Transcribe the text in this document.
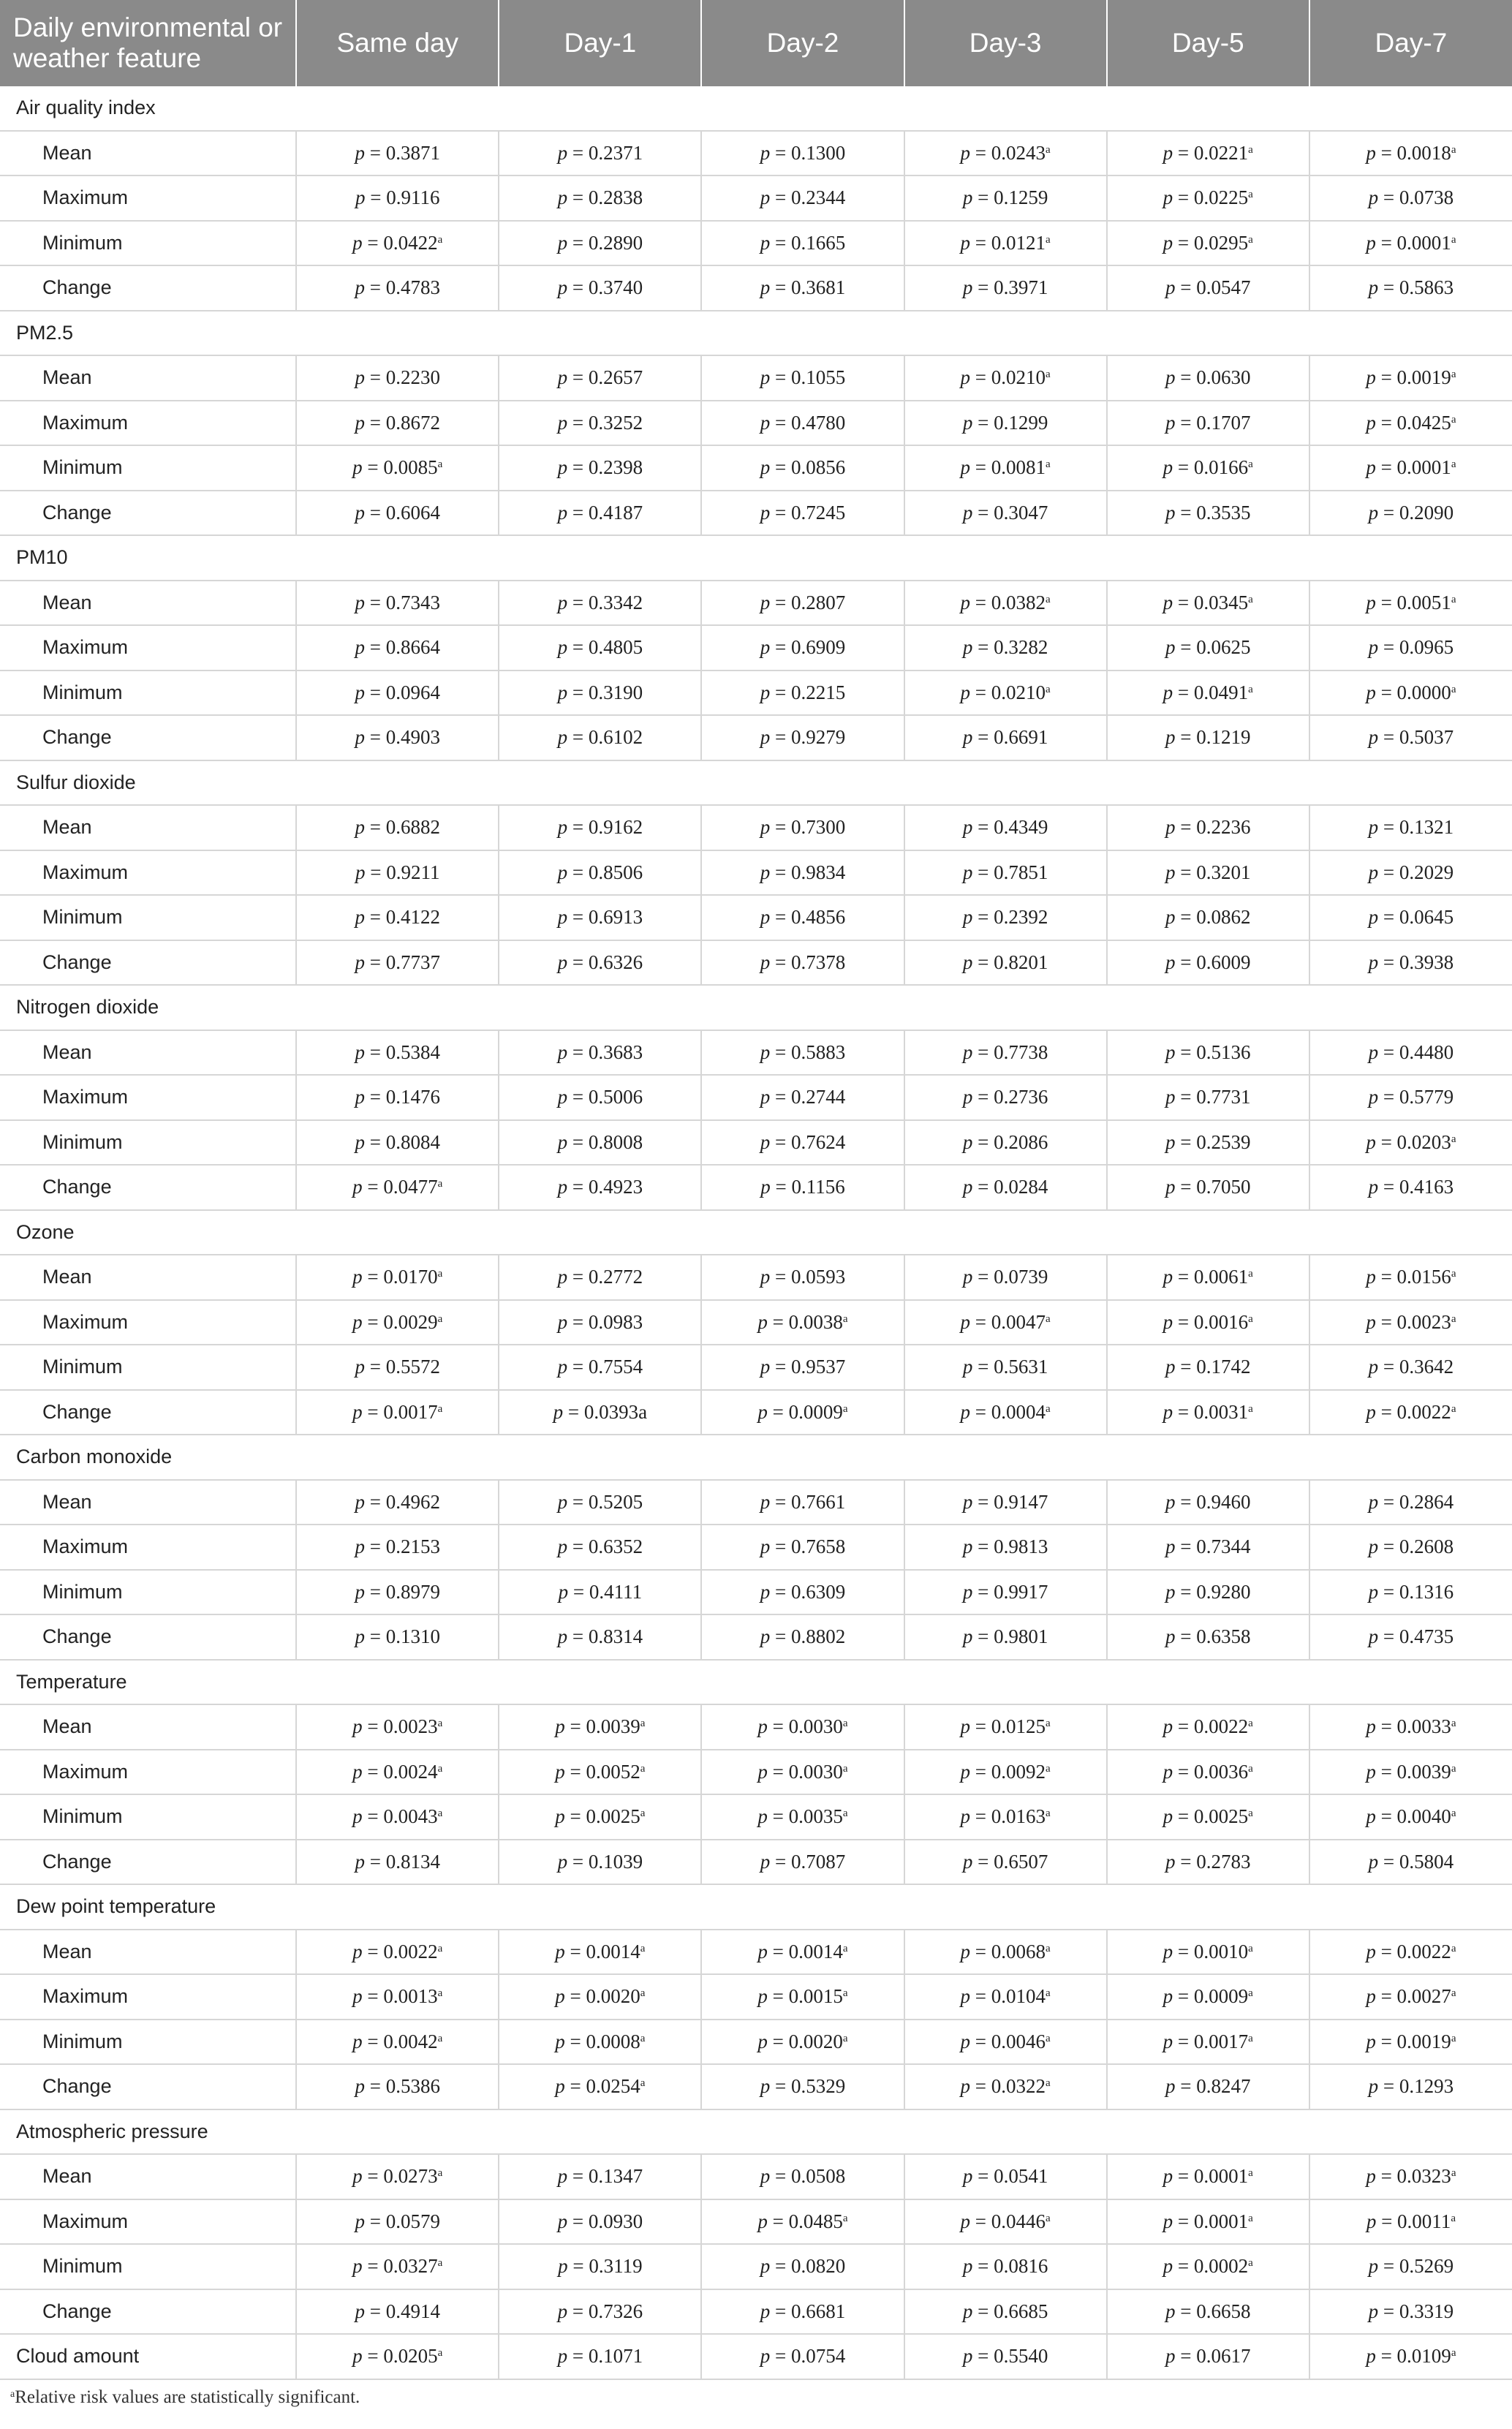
Daily environmental or weather feature	Same day	Day-1	Day-2	Day-3	Day-5	Day-7
Air quality index						
Mean	p = 0.3871	p = 0.2371	p = 0.1300	p = 0.0243$^a$	p = 0.0221$^a$	p = 0.0018$^a$
Maximum	p = 0.9116	p = 0.2838	p = 0.2344	p = 0.1259	p = 0.0225$^a$	p = 0.0738
Minimum	p = 0.0422$^a$	p = 0.2890	p = 0.1665	p = 0.0121$^a$	p = 0.0295$^a$	p = 0.0001$^a$
Change	p = 0.4783	p = 0.3740	p = 0.3681	p = 0.3971	p = 0.0547	p = 0.5863
PM2.5						
Mean	p = 0.2230	p = 0.2657	p = 0.1055	p = 0.0210$^a$	p = 0.0630	p = 0.0019$^a$
Maximum	p = 0.8672	p = 0.3252	p = 0.4780	p = 0.1299	p = 0.1707	p = 0.0425$^a$
Minimum	p = 0.0085$^a$	p = 0.2398	p = 0.0856	p = 0.0081$^a$	p = 0.0166$^a$	p = 0.0001$^a$
Change	p = 0.6064	p = 0.4187	p = 0.7245	p = 0.3047	p = 0.3535	p = 0.2090
PM10						
Mean	p = 0.7343	p = 0.3342	p = 0.2807	p = 0.0382$^a$	p = 0.0345$^a$	p = 0.0051$^a$
Maximum	p = 0.8664	p = 0.4805	p = 0.6909	p = 0.3282	p = 0.0625	p = 0.0965
Minimum	p = 0.0964	p = 0.3190	p = 0.2215	p = 0.0210$^a$	p = 0.0491$^a$	p = 0.0000$^a$
Change	p = 0.4903	p = 0.6102	p = 0.9279	p = 0.6691	p = 0.1219	p = 0.5037
Sulfur dioxide						
Mean	p = 0.6882	p = 0.9162	p = 0.7300	p = 0.4349	p = 0.2236	p = 0.1321
Maximum	p = 0.9211	p = 0.8506	p = 0.9834	p = 0.7851	p = 0.3201	p = 0.2029
Minimum	p = 0.4122	p = 0.6913	p = 0.4856	p = 0.2392	p = 0.0862	p = 0.0645
Change	p = 0.7737	p = 0.6326	p = 0.7378	p = 0.8201	p = 0.6009	p = 0.3938
Nitrogen dioxide						
Mean	p = 0.5384	p = 0.3683	p = 0.5883	p = 0.7738	p = 0.5136	p = 0.4480
Maximum	p = 0.1476	p = 0.5006	p = 0.2744	p = 0.2736	p = 0.7731	p = 0.5779
Minimum	p = 0.8084	p = 0.8008	p = 0.7624	p = 0.2086	p = 0.2539	p = 0.0203$^a$
Change	p = 0.0477$^a$	p = 0.4923	p = 0.1156	p = 0.0284	p = 0.7050	p = 0.4163
Ozone						
Mean	p = 0.0170$^a$	p = 0.2772	p = 0.0593	p = 0.0739	p = 0.0061$^a$	p = 0.0156$^a$
Maximum	p = 0.0029$^a$	p = 0.0983	p = 0.0038$^a$	p = 0.0047$^a$	p = 0.0016$^a$	p = 0.0023$^a$
Minimum	p = 0.5572	p = 0.7554	p = 0.9537	p = 0.5631	p = 0.1742	p = 0.3642
Change	p = 0.0017$^a$	p = 0.0393a	p = 0.0009$^a$	p = 0.0004$^a$	p = 0.0031$^a$	p = 0.0022$^a$
Carbon monoxide						
Mean	p = 0.4962	p = 0.5205	p = 0.7661	p = 0.9147	p = 0.9460	p = 0.2864
Maximum	p = 0.2153	p = 0.6352	p = 0.7658	p = 0.9813	p = 0.7344	p = 0.2608
Minimum	p = 0.8979	p = 0.4111	p = 0.6309	p = 0.9917	p = 0.9280	p = 0.1316
Change	p = 0.1310	p = 0.8314	p = 0.8802	p = 0.9801	p = 0.6358	p = 0.4735
Temperature						
Mean	p = 0.0023$^a$	p = 0.0039$^a$	p = 0.0030$^a$	p = 0.0125$^a$	p = 0.0022$^a$	p = 0.0033$^a$
Maximum	p = 0.0024$^a$	p = 0.0052$^a$	p = 0.0030$^a$	p = 0.0092$^a$	p = 0.0036$^a$	p = 0.0039$^a$
Minimum	p = 0.0043$^a$	p = 0.0025$^a$	p = 0.0035$^a$	p = 0.0163$^a$	p = 0.0025$^a$	p = 0.0040$^a$
Change	p = 0.8134	p = 0.1039	p = 0.7087	p = 0.6507	p = 0.2783	p = 0.5804
Dew point temperature						
Mean	p = 0.0022$^a$	p = 0.0014$^a$	p = 0.0014$^a$	p = 0.0068$^a$	p = 0.0010$^a$	p = 0.0022$^a$
Maximum	p = 0.0013$^a$	p = 0.0020$^a$	p = 0.0015$^a$	p = 0.0104$^a$	p = 0.0009$^a$	p = 0.0027$^a$
Minimum	p = 0.0042$^a$	p = 0.0008$^a$	p = 0.0020$^a$	p = 0.0046$^a$	p = 0.0017$^a$	p = 0.0019$^a$
Change	p = 0.5386	p = 0.0254$^a$	p = 0.5329	p = 0.0322$^a$	p = 0.8247	p = 0.1293
Atmospheric pressure						
Mean	p = 0.0273$^a$	p = 0.1347	p = 0.0508	p = 0.0541	p = 0.0001$^a$	p = 0.0323$^a$
Maximum	p = 0.0579	p = 0.0930	p = 0.0485$^a$	p = 0.0446$^a$	p = 0.0001$^a$	p = 0.0011$^a$
Minimum	p = 0.0327$^a$	p = 0.3119	p = 0.0820	p = 0.0816	p = 0.0002$^a$	p = 0.5269
Change	p = 0.4914	p = 0.7326	p = 0.6681	p = 0.6685	p = 0.6658	p = 0.3319
Cloud amount	p = 0.0205$^a$	p = 0.1071	p = 0.0754	p = 0.5540	p = 0.0617	p = 0.0109$^a$
$^a$Relative risk values are statistically significant.
